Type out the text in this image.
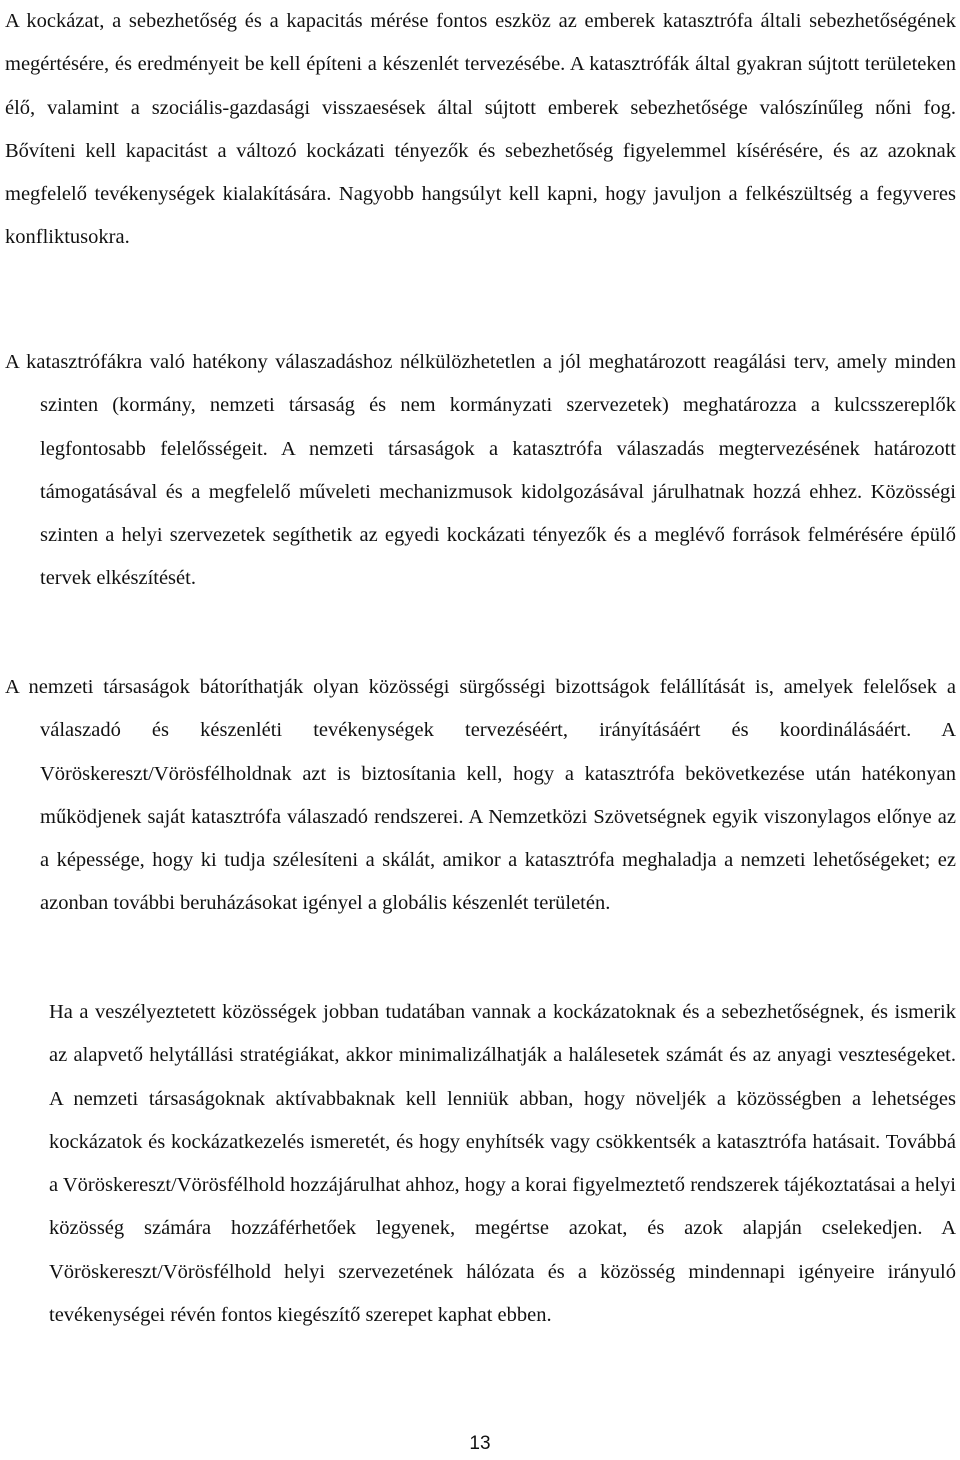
A kockázat, a sebezhetőség és a kapacitás mérése fontos eszköz az emberek katasztrófa általi sebezhetőségének megértésére, és eredményeit be kell építeni a készenlét tervezésébe. A katasztrófák által gyakran sújtott területeken élő, valamint a szociális-gazdasági visszaesések által sújtott emberek sebezhetősége valószínűleg nőni fog. Bővíteni kell kapacitást a változó kockázati tényezők és sebezhetőség figyelemmel kísérésére, és az azoknak megfelelő tevékenységek kialakítására. Nagyobb hangsúlyt kell kapni, hogy javuljon a felkészültség a fegyveres konfliktusokra.

A katasztrófákra való hatékony válaszadáshoz nélkülözhetetlen a jól meghatározott reagálási terv, amely minden szinten (kormány, nemzeti társaság és nem kormányzati szervezetek) meghatározza a kulcsszereplők legfontosabb felelősségeit. A nemzeti társaságok a katasztrófa válaszadás megtervezésének határozott támogatásával és a megfelelő műveleti mechanizmusok kidolgozásával járulhatnak hozzá ehhez. Közösségi szinten a helyi szervezetek segíthetik az egyedi kockázati tényezők és a meglévő források felmérésére épülő tervek elkészítését.

A nemzeti társaságok bátoríthatják olyan közösségi sürgősségi bizottságok felállítását is, amelyek felelősek a válaszadó és készenléti tevékenységek tervezéséért, irányításáért és koordinálásáért. A Vöröskereszt/Vörösfélholdnak azt is biztosítania kell, hogy a katasztrófa bekövetkezése után hatékonyan működjenek saját katasztrófa válaszadó rendszerei. A Nemzetközi Szövetségnek egyik viszonylagos előnye az a képessége, hogy ki tudja szélesíteni a skálát, amikor a katasztrófa meghaladja a nemzeti lehetőségeket; ez azonban további beruházásokat igényel a globális készenlét területén.

Ha a veszélyeztetett közösségek jobban tudatában vannak a kockázatoknak és a sebezhetőségnek, és ismerik az alapvető helytállási stratégiákat, akkor minimalizálhatják a halálesetek számát és az anyagi veszteségeket. A nemzeti társaságoknak aktívabbaknak kell lenniük abban, hogy növeljék a közösségben a lehetséges kockázatok és kockázatkezelés ismeretét, és hogy enyhítsék vagy csökkentsék a katasztrófa hatásait. Továbbá a Vöröskereszt/Vörösfélhold hozzájárulhat ahhoz, hogy a korai figyelmeztető rendszerek tájékoztatásai a helyi közösség számára hozzáférhetőek legyenek, megértse azokat, és azok alapján cselekedjen. A Vöröskereszt/Vörösfélhold helyi szervezetének hálózata és a közösség mindennapi igényeire irányuló tevékenységei révén fontos kiegészítő szerepet kaphat ebben.

13
